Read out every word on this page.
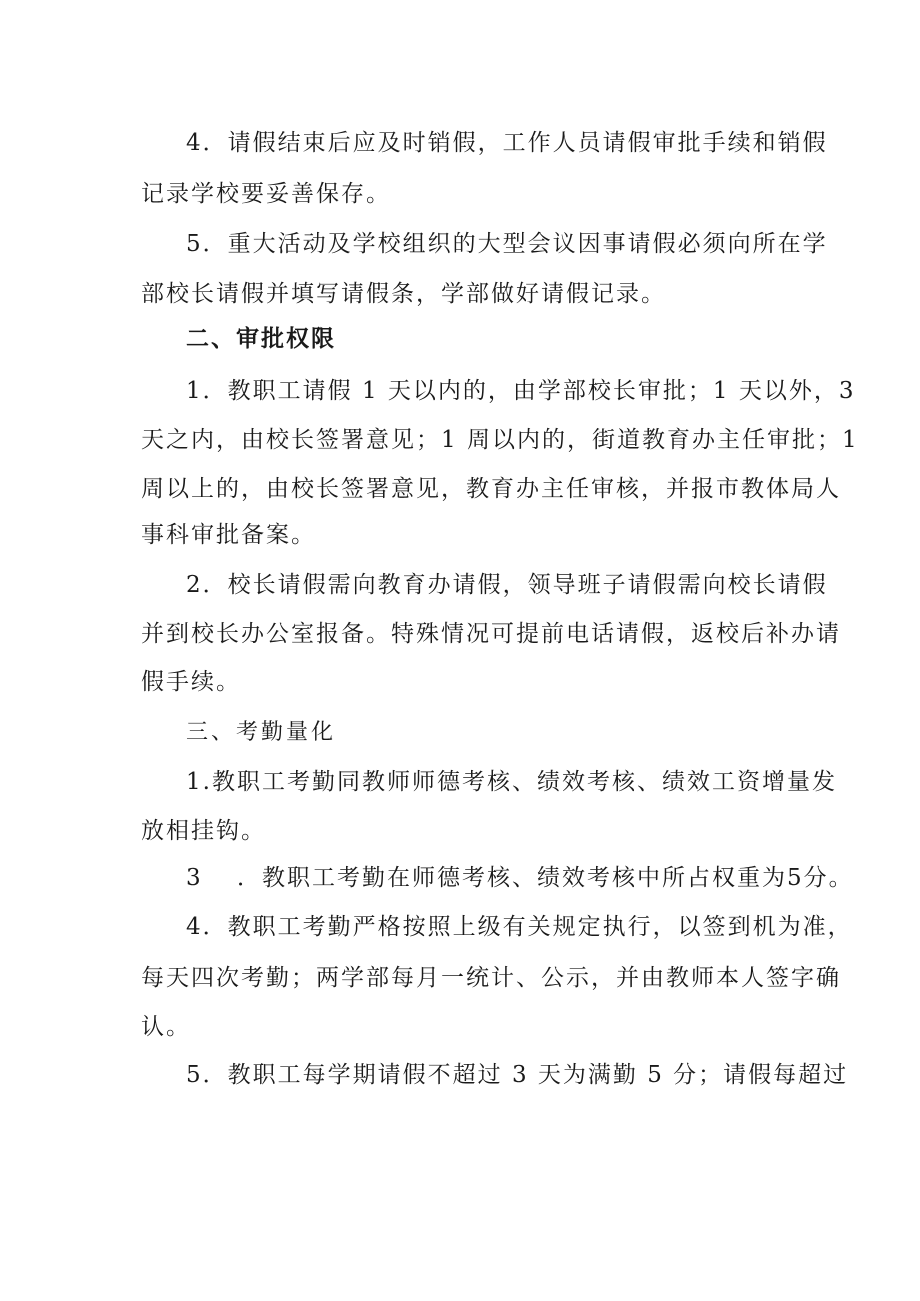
4．请假结束后应及时销假，工作人员请假审批手续和销假
记录学校要妥善保存。
5．重大活动及学校组织的大型会议因事请假必须向所在学
部校长请假并填写请假条，学部做好请假记录。
二、审批权限
1．教职工请假 1 天以内的，由学部校长审批；1 天以外，3
天之内，由校长签署意见；1 周以内的，街道教育办主任审批；1
周以上的，由校长签署意见，教育办主任审核，并报市教体局人
事科审批备案。
2．校长请假需向教育办请假，领导班子请假需向校长请假
并到校长办公室报备。特殊情况可提前电话请假，返校后补办请
假手续。
三、考勤量化
1.教职工考勤同教师师德考核、绩效考核、绩效工资增量发
放相挂钩。
3　 ．教职工考勤在师德考核、绩效考核中所占权重为5分。
4．教职工考勤严格按照上级有关规定执行，以签到机为准，
每天四次考勤；两学部每月一统计、公示，并由教师本人签字确
认。
5．教职工每学期请假不超过 3 天为满勤 5 分；请假每超过
